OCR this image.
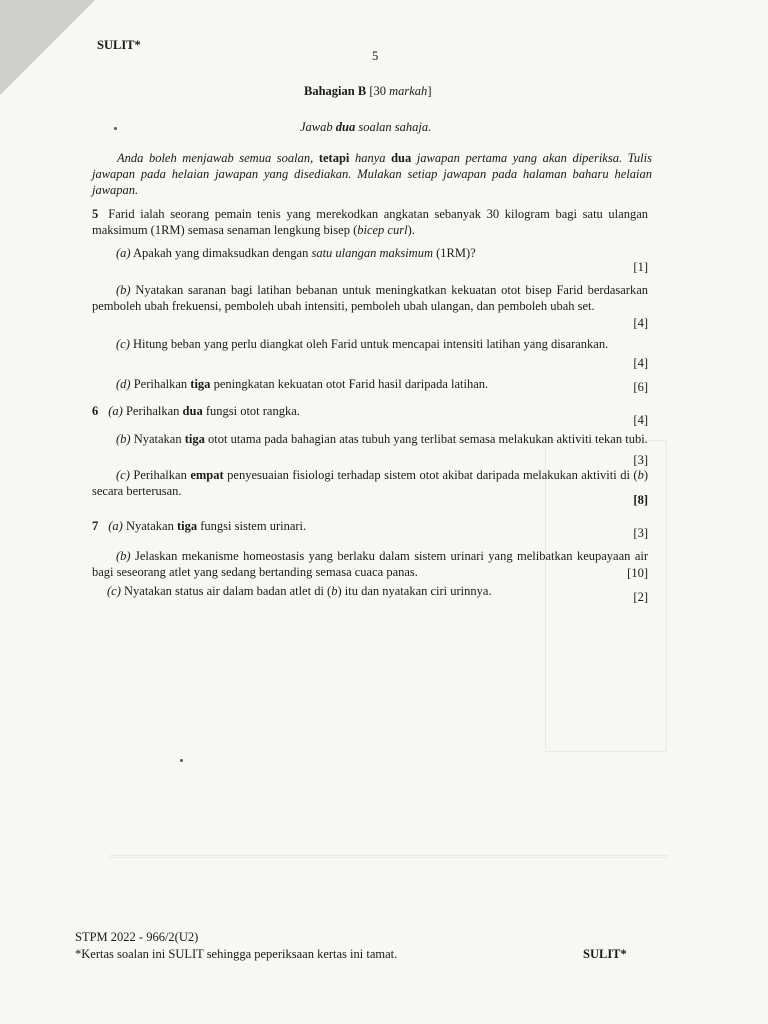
SULIT*
5
Bahagian B [30 markah]
Jawab dua soalan sahaja.
Anda boleh menjawab semua soalan, tetapi hanya dua jawapan pertama yang akan diperiksa. Tulis jawapan pada helaian jawapan yang disediakan. Mulakan setiap jawapan pada halaman baharu helaian jawapan.
5 Farid ialah seorang pemain tenis yang merekodkan angkatan sebanyak 30 kilogram bagi satu ulangan maksimum (1RM) semasa senaman lengkung bisep (bicep curl).
(a) Apakah yang dimaksudkan dengan satu ulangan maksimum (1RM)?
[1]
(b) Nyatakan saranan bagi latihan bebanan untuk meningkatkan kekuatan otot bisep Farid berdasarkan pemboleh ubah frekuensi, pemboleh ubah intensiti, pemboleh ubah ulangan, dan pemboleh ubah set.
[4]
(c) Hitung beban yang perlu diangkat oleh Farid untuk mencapai intensiti latihan yang disarankan.
[4]
(d) Perihalkan tiga peningkatan kekuatan otot Farid hasil daripada latihan.	[6]
6 (a) Perihalkan dua fungsi otot rangka.
[4]
(b) Nyatakan tiga otot utama pada bahagian atas tubuh yang terlibat semasa melakukan aktiviti tekan tubi.
[3]
(c) Perihalkan empat penyesuaian fisiologi terhadap sistem otot akibat daripada melakukan aktiviti di (b) secara berterusan.
[8]
7 (a) Nyatakan tiga fungsi sistem urinari.	[3]
(b) Jelaskan mekanisme homeostasis yang berlaku dalam sistem urinari yang melibatkan keupayaan air bagi seseorang atlet yang sedang bertanding semasa cuaca panas.	[10]
(c) Nyatakan status air dalam badan atlet di (b) itu dan nyatakan ciri urinnya.	[2]
STPM 2022 - 966/2(U2)
*Kertas soalan ini SULIT sehingga peperiksaan kertas ini tamat.	SULIT*
